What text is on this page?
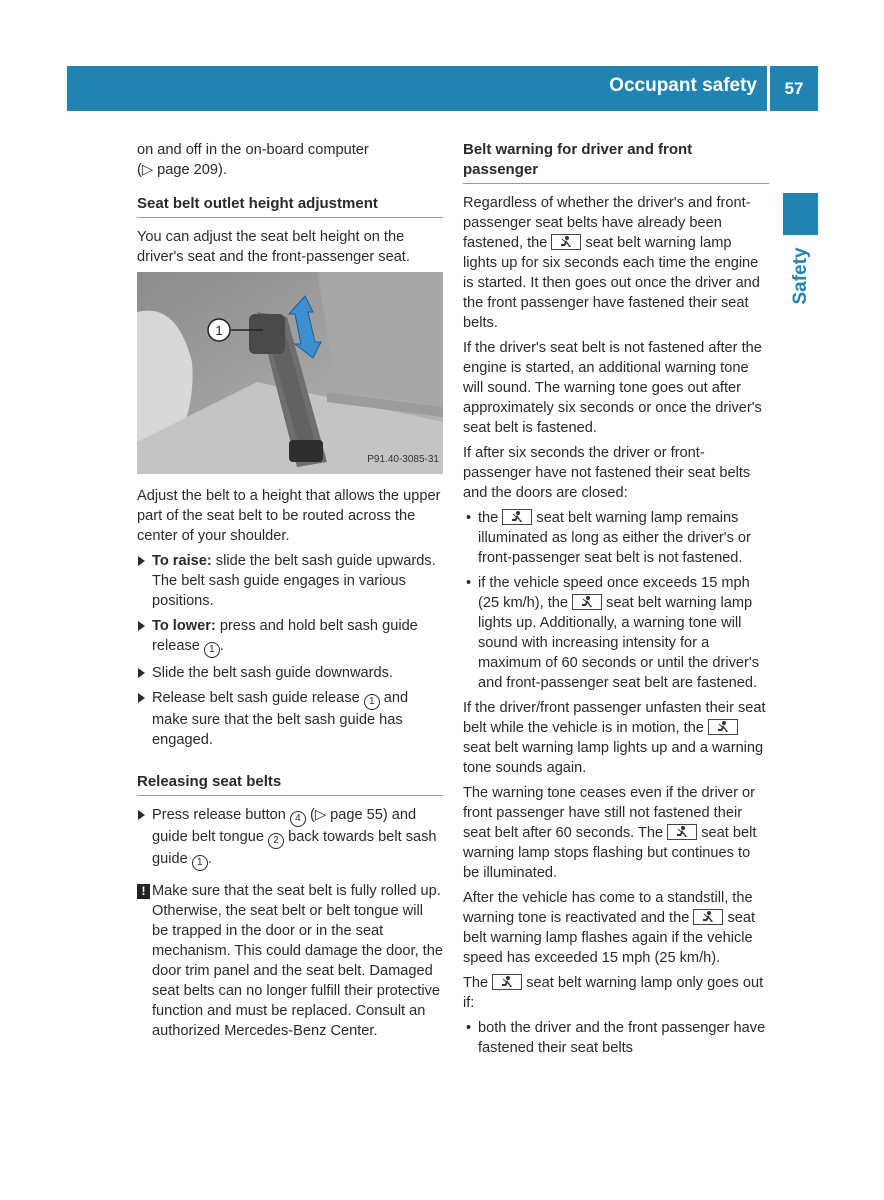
Occupant safety	57
Safety

on and off in the on-board computer
(▷ page 209).

Seat belt outlet height adjustment

You can adjust the seat belt height on the driver's seat and the front-passenger seat.

1
P91.40-3085-31

Adjust the belt to a height that allows the upper part of the seat belt to be routed across the center of your shoulder.

To raise: slide the belt sash guide upwards. The belt sash guide engages in various positions.
To lower: press and hold belt sash guide release 1 .
Slide the belt sash guide downwards.
Release belt sash guide release 1 and make sure that the belt sash guide has engaged.
Releasing seat belts
Press release button 4 (▷ page 55) and guide belt tongue 2 back towards belt sash guide 1 .
! Make sure that the seat belt is fully rolled up. Otherwise, the seat belt or belt tongue will be trapped in the door or in the seat mechanism. This could damage the door, the door trim panel and the seat belt. Damaged seat belts can no longer fulfill their protective function and must be replaced. Consult an authorized Mercedes-Benz Center.
Belt warning for driver and front passenger

Regardless of whether the driver's and front-passenger seat belts have already been fastened, the
seat belt warning lamp lights up for six seconds each time the engine is started. It then goes out once the driver and the front passenger have fastened their seat belts.

If the driver's seat belt is not fastened after the engine is started, an additional warning tone will sound. The warning tone goes out after approximately six seconds or once the driver's seat belt is fastened.

If after six seconds the driver or front-passenger have not fastened their seat belts and the doors are closed:

• the
seat belt warning lamp remains illuminated as long as either the driver's or front-passenger seat belt is not fastened.
• if the vehicle speed once exceeds 15 mph (25 km/h), the
seat belt warning lamp lights up. Additionally, a warning tone will sound with increasing intensity for a maximum of 60 seconds or until the driver's and front-passenger seat belt are fastened.

If the driver/front passenger unfasten their seat belt while the vehicle is in motion, the
seat belt warning lamp lights up and a warning tone sounds again.

The warning tone ceases even if the driver or front passenger have still not fastened their seat belt after 60 seconds. The
seat belt warning lamp stops flashing but continues to be illuminated.

After the vehicle has come to a standstill, the warning tone is reactivated and the
seat belt warning lamp flashes again if the vehicle speed has exceeded 15 mph (25 km/h).

The
seat belt warning lamp only goes out if:

• both the driver and the front passenger have fastened their seat belts
